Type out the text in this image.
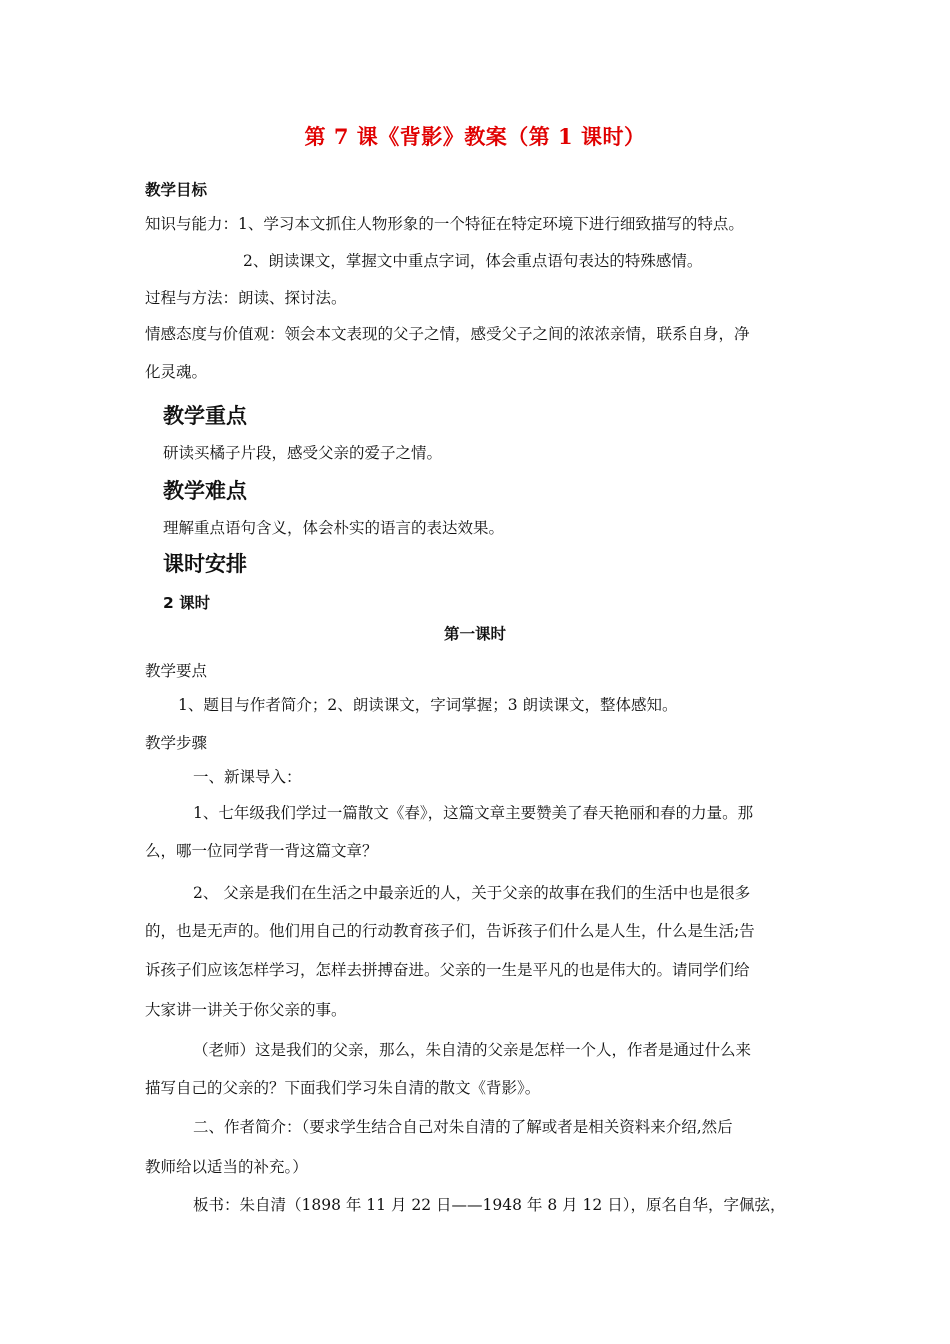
第 7 课《背影》教案（第 1 课时）
教学目标
知识与能力：1、学习本文抓住人物形象的一个特征在特定环境下进行细致描写的特点。
2、朗读课文，掌握文中重点字词，体会重点语句表达的特殊感情。
过程与方法：朗读、探讨法。
情感态度与价值观：领会本文表现的父子之情，感受父子之间的浓浓亲情，联系自身，净
化灵魂。
教学重点
研读买橘子片段，感受父亲的爱子之情。
教学难点
理解重点语句含义，体会朴实的语言的表达效果。
课时安排
2 课时
第一课时
教学要点
1、题目与作者简介；2、朗读课文，字词掌握；3 朗读课文，整体感知。
教学步骤
一、新课导入：
1、七年级我们学过一篇散文《春》，这篇文章主要赞美了春天艳丽和春的力量。那
么，哪一位同学背一背这篇文章？
2、 父亲是我们在生活之中最亲近的人，关于父亲的故事在我们的生活中也是很多
的，也是无声的。他们用自己的行动教育孩子们，告诉孩子们什么是人生，什么是生活;告
诉孩子们应该怎样学习，怎样去拼搏奋进。父亲的一生是平凡的也是伟大的。请同学们给
大家讲一讲关于你父亲的事。
（老师）这是我们的父亲，那么，朱自清的父亲是怎样一个人，作者是通过什么来
描写自己的父亲的？下面我们学习朱自清的散文《背影》。
二、作者简介：（要求学生结合自己对朱自清的了解或者是相关资料来介绍,然后
教师给以适当的补充。）
板书：朱自清（1898 年 11 月 22 日——1948 年 8 月 12 日），原名自华，字佩弦，
